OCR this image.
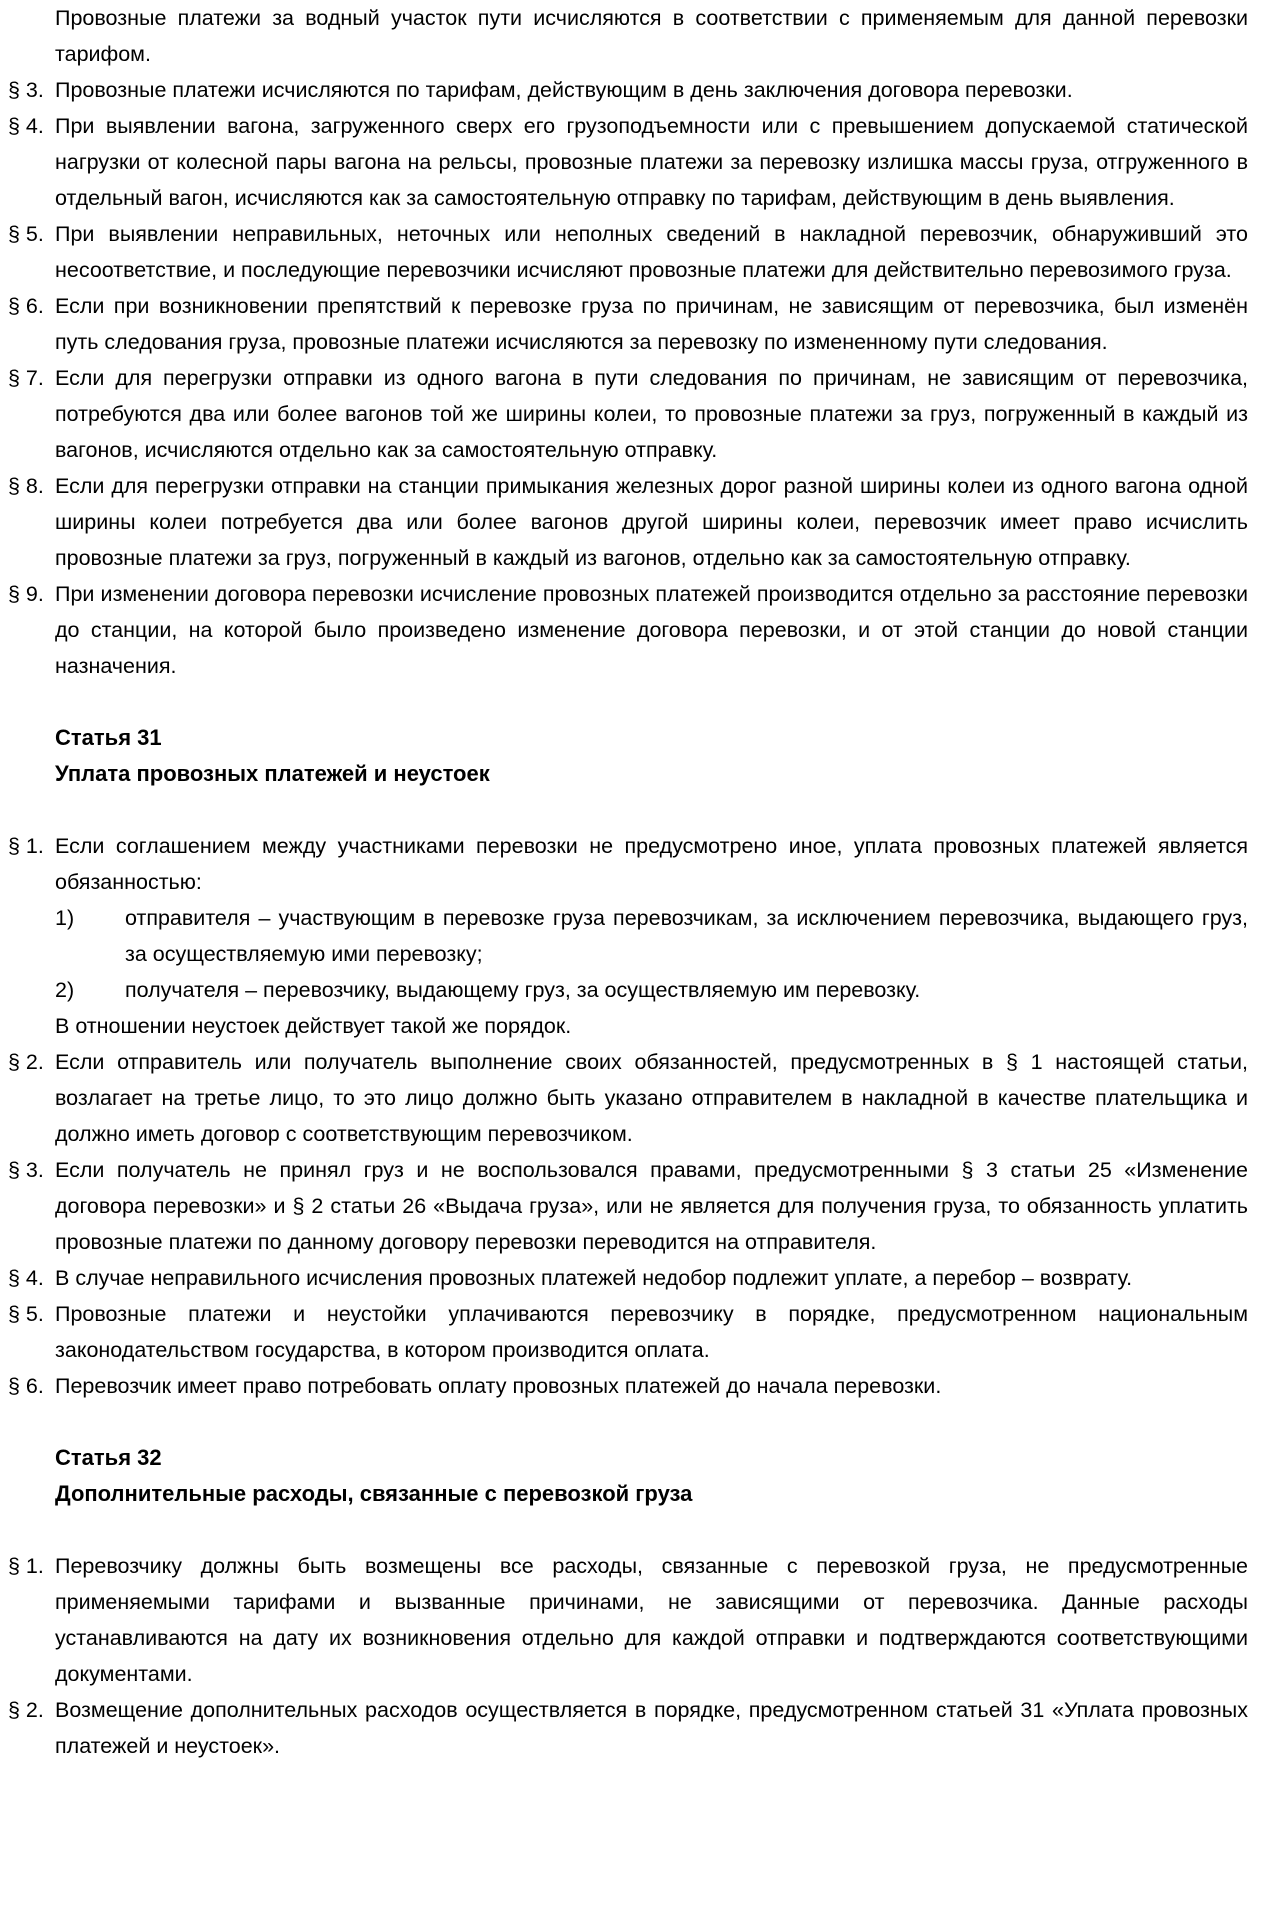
Провозные платежи за водный участок пути исчисляются в соответствии с применяемым для данной перевозки тарифом.
§ 3. Провозные платежи исчисляются по тарифам, действующим в день заключения договора перевозки.
§ 4. При выявлении вагона, загруженного сверх его грузоподъемности или с превышением допускаемой статической нагрузки от колесной пары вагона на рельсы, провозные платежи за перевозку излишка массы груза, отгруженного в отдельный вагон, исчисляются как за самостоятельную отправку по тарифам, действующим в день выявления.
§ 5. При выявлении неправильных, неточных или неполных сведений в накладной перевозчик, обнаруживший это несоответствие, и последующие перевозчики исчисляют провозные платежи для действительно перевозимого груза.
§ 6. Если при возникновении препятствий к перевозке груза по причинам, не зависящим от перевозчика, был изменён путь следования груза, провозные платежи исчисляются за перевозку по измененному пути следования.
§ 7. Если для перегрузки отправки из одного вагона в пути следования по причинам, не зависящим от перевозчика, потребуются два или более вагонов той же ширины колеи, то провозные платежи за груз, погруженный в каждый из вагонов, исчисляются отдельно как за самостоятельную отправку.
§ 8. Если для перегрузки отправки на станции примыкания железных дорог разной ширины колеи из одного вагона одной ширины колеи потребуется два или более вагонов другой ширины колеи, перевозчик имеет право исчислить провозные платежи за груз, погруженный в каждый из вагонов, отдельно как за самостоятельную отправку.
§ 9. При изменении договора перевозки исчисление провозных платежей производится отдельно за расстояние перевозки до станции, на которой было произведено изменение договора перевозки, и от этой станции до новой станции назначения.
Статья 31
Уплата провозных платежей и неустоек
§ 1. Если соглашением между участниками перевозки не предусмотрено иное, уплата провозных платежей является обязанностью:
1)	отправителя – участвующим в перевозке груза перевозчикам, за исключением перевозчика, выдающего груз, за осуществляемую ими перевозку;
2)	получателя – перевозчику, выдающему груз, за осуществляемую им перевозку.
В отношении неустоек действует такой же порядок.
§ 2. Если отправитель или получатель выполнение своих обязанностей, предусмотренных в § 1 настоящей статьи, возлагает на третье лицо, то это лицо должно быть указано отправителем в накладной в качестве плательщика и должно иметь договор с соответствующим перевозчиком.
§ 3. Если получатель не принял груз и не воспользовался правами, предусмотренными § 3 статьи 25 «Изменение договора перевозки» и § 2 статьи 26 «Выдача груза», или не является для получения груза, то обязанность уплатить провозные платежи по данному договору перевозки переводится на отправителя.
§ 4. В случае неправильного исчисления провозных платежей недобор подлежит уплате, а перебор – возврату.
§ 5. Провозные платежи и неустойки уплачиваются перевозчику в порядке, предусмотренном национальным законодательством государства, в котором производится оплата.
§ 6. Перевозчик имеет право потребовать оплату провозных платежей до начала перевозки.
Статья 32
Дополнительные расходы, связанные с перевозкой груза
§ 1. Перевозчику должны быть возмещены все расходы, связанные с перевозкой груза, не предусмотренные применяемыми тарифами и вызванные причинами, не зависящими от перевозчика. Данные расходы устанавливаются на дату их возникновения отдельно для каждой отправки и подтверждаются соответствующими документами.
§ 2. Возмещение дополнительных расходов осуществляется в порядке, предусмотренном статьей 31 «Уплата провозных платежей и неустоек».
